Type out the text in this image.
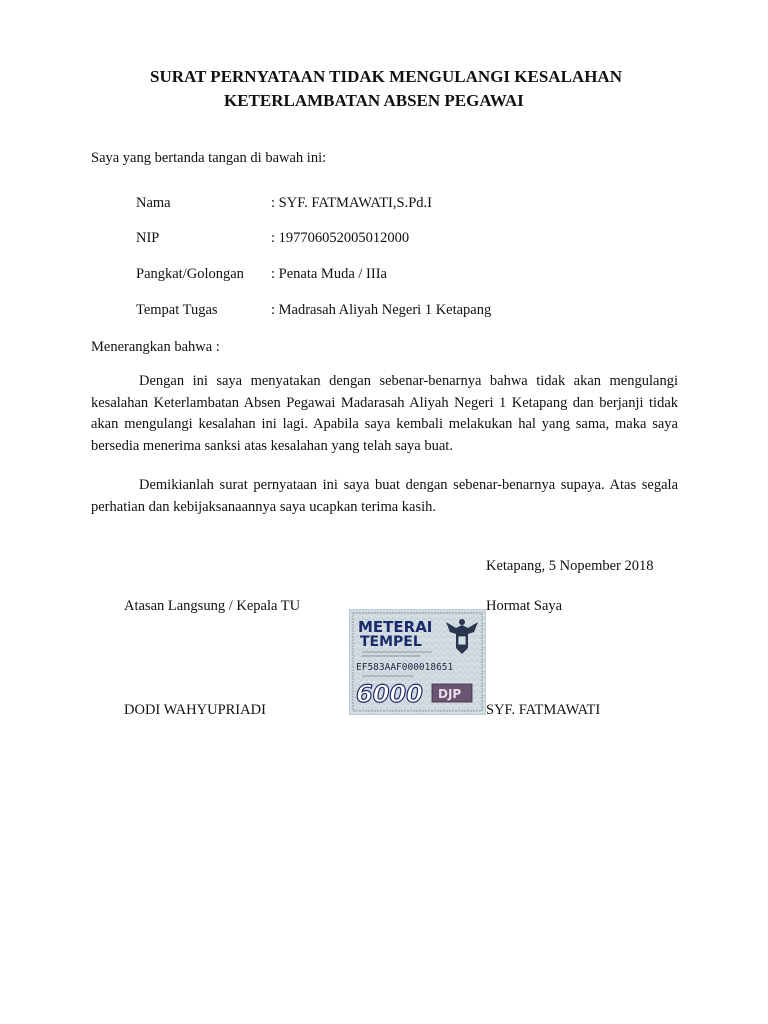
SURAT PERNYATAAN TIDAK MENGULANGI KESALAHAN
KETERLAMBATAN ABSEN PEGAWAI
Saya yang bertanda tangan di bawah ini:
Nama	: SYF. FATMAWATI,S.Pd.I
NIP	: 197706052005012000
Pangkat/Golongan : Penata Muda / IIIa
Tempat Tugas	: Madrasah Aliyah Negeri 1 Ketapang
Menerangkan bahwa :
Dengan ini saya menyatakan dengan sebenar-benarnya bahwa tidak akan mengulangi kesalahan Keterlambatan Absen Pegawai Madarasah Aliyah Negeri 1 Ketapang dan berjanji tidak akan mengulangi kesalahan ini lagi. Apabila saya kembali melakukan hal yang sama, maka saya bersedia menerima sanksi atas kesalahan yang telah saya buat.
Demikianlah surat pernyataan ini saya buat dengan sebenar-benarnya supaya. Atas segala perhatian dan kebijaksanaannya saya ucapkan terima kasih.
Ketapang, 5 Nopember 2018
Atasan Langsung / Kepala TU	Hormat Saya
METERAI
TEMPEL
EF583AAF000018651
6000 DJP
DODI WAHYUPRIADI	SYF. FATMAWATI
